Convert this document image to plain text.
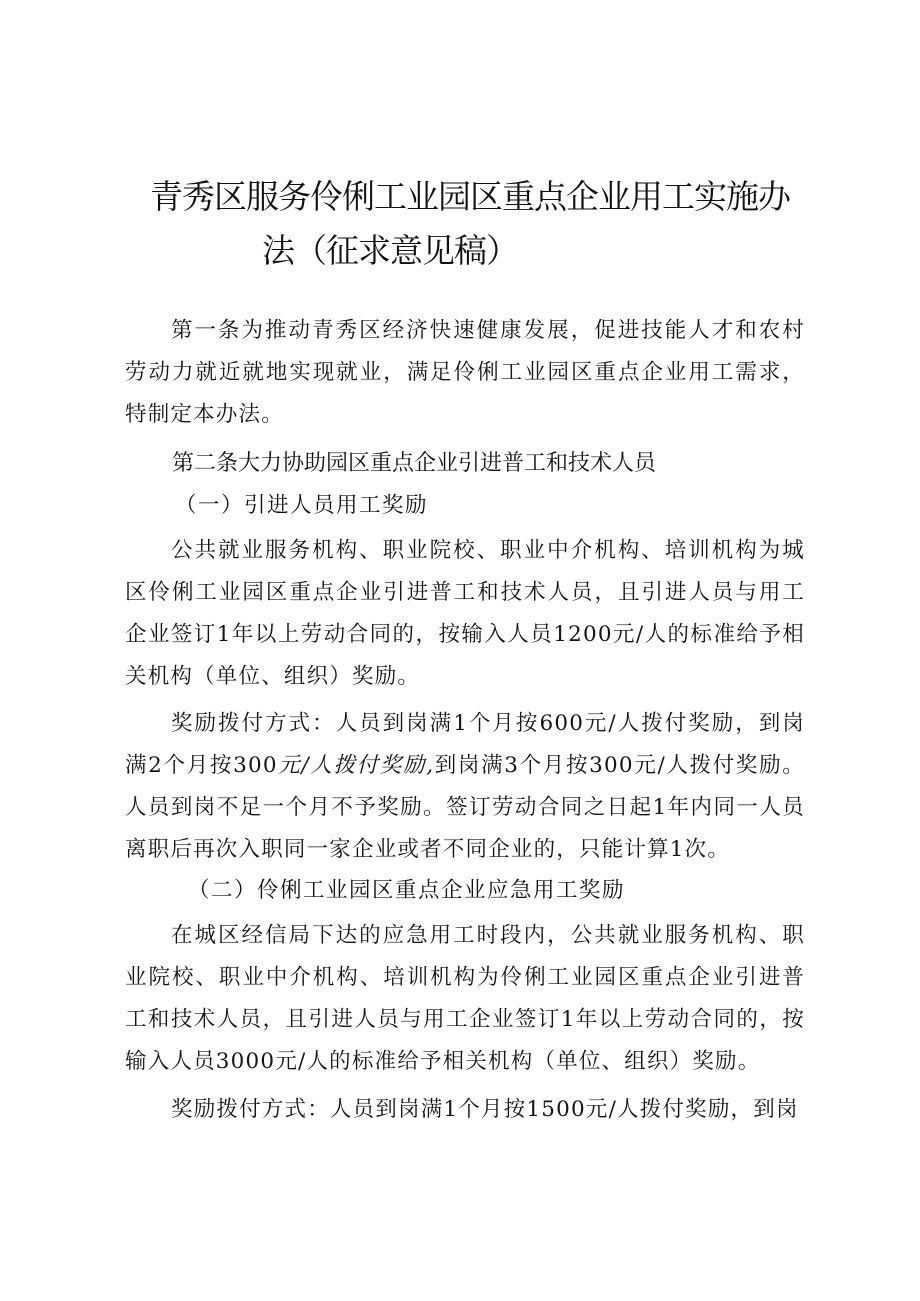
青秀区服务伶俐工业园区重点企业用工实施办
法（征求意见稿）
第一条为推动青秀区经济快速健康发展，促进技能人才和农村劳动力就近就地实现就业，满足伶俐工业园区重点企业用工需求，特制定本办法。
第二条大力协助园区重点企业引进普工和技术人员
（一）引进人员用工奖励
公共就业服务机构、职业院校、职业中介机构、培训机构为城区伶俐工业园区重点企业引进普工和技术人员，且引进人员与用工企业签订1年以上劳动合同的，按输入人员1200元/人的标准给予相关机构（单位、组织）奖励。
奖励拨付方式：人员到岗满1个月按600元/人拨付奖励，到岗满2个月按300元/人拨付奖励,到岗满3个月按300元/人拨付奖励。人员到岗不足一个月不予奖励。签订劳动合同之日起1年内同一人员离职后再次入职同一家企业或者不同企业的，只能计算1次。
（二）伶俐工业园区重点企业应急用工奖励
在城区经信局下达的应急用工时段内，公共就业服务机构、职业院校、职业中介机构、培训机构为伶俐工业园区重点企业引进普工和技术人员，且引进人员与用工企业签订1年以上劳动合同的，按输入人员3000元/人的标准给予相关机构（单位、组织）奖励。
奖励拨付方式：人员到岗满1个月按1500元/人拨付奖励，到岗
